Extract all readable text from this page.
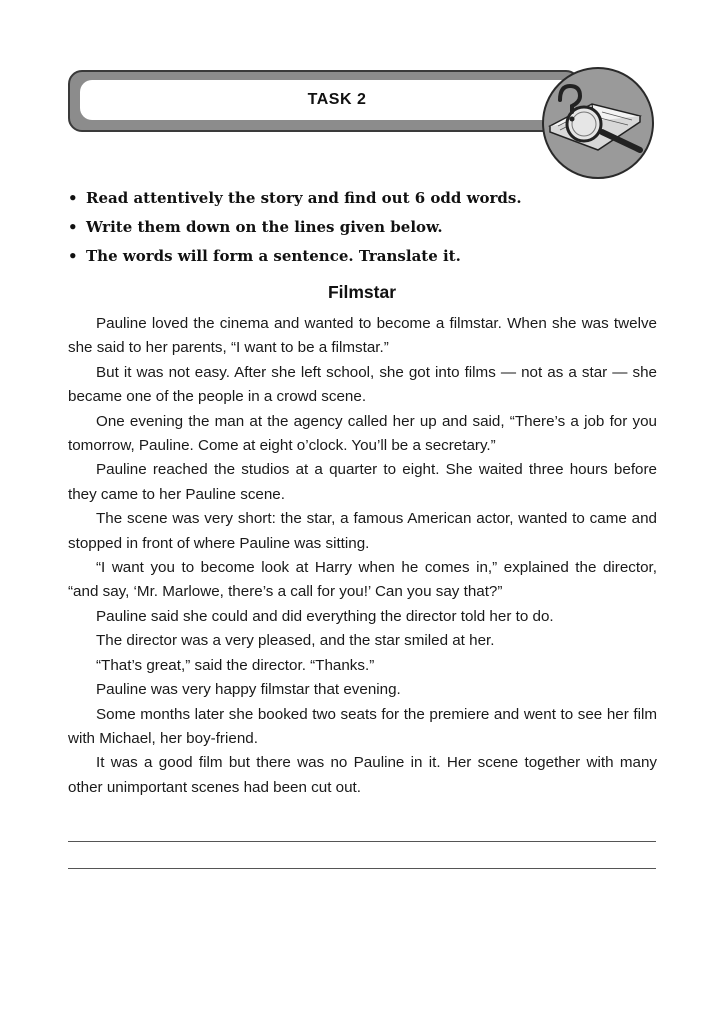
TASK 2
• Read attentively the story and find out 6 odd words.
• Write them down on the lines given below.
• The words will form a sentence. Translate it.
Filmstar

Pauline loved the cinema and wanted to become a filmstar. When she was twelve she said to her parents, “I want to be a filmstar.”

But it was not easy. After she left school, she got into films — not as a star — she became one of the people in a crowd scene.

One evening the man at the agency called her up and said, “There’s a job for you tomorrow, Pauline. Come at eight o’clock. You’ll be a secretary.”

Pauline reached the studios at a quarter to eight. She waited three hours before they came to her Pauline scene.

The scene was very short: the star, a famous American actor, wanted to came and stopped in front of where Pauline was sitting.

“I want you to become look at Harry when he comes in,” explained the director, “and say, ‘Mr. Marlowe, there’s a call for you!’ Can you say that?”

Pauline said she could and did everything the director told her to do.

The director was a very pleased, and the star smiled at her.

“That’s great,” said the director. “Thanks.”

Pauline was very happy filmstar that evening.

Some months later she booked two seats for the premiere and went to see her film with Michael, her boy-friend.

It was a good film but there was no Pauline in it. Her scene together with many other unimportant scenes had been cut out.
